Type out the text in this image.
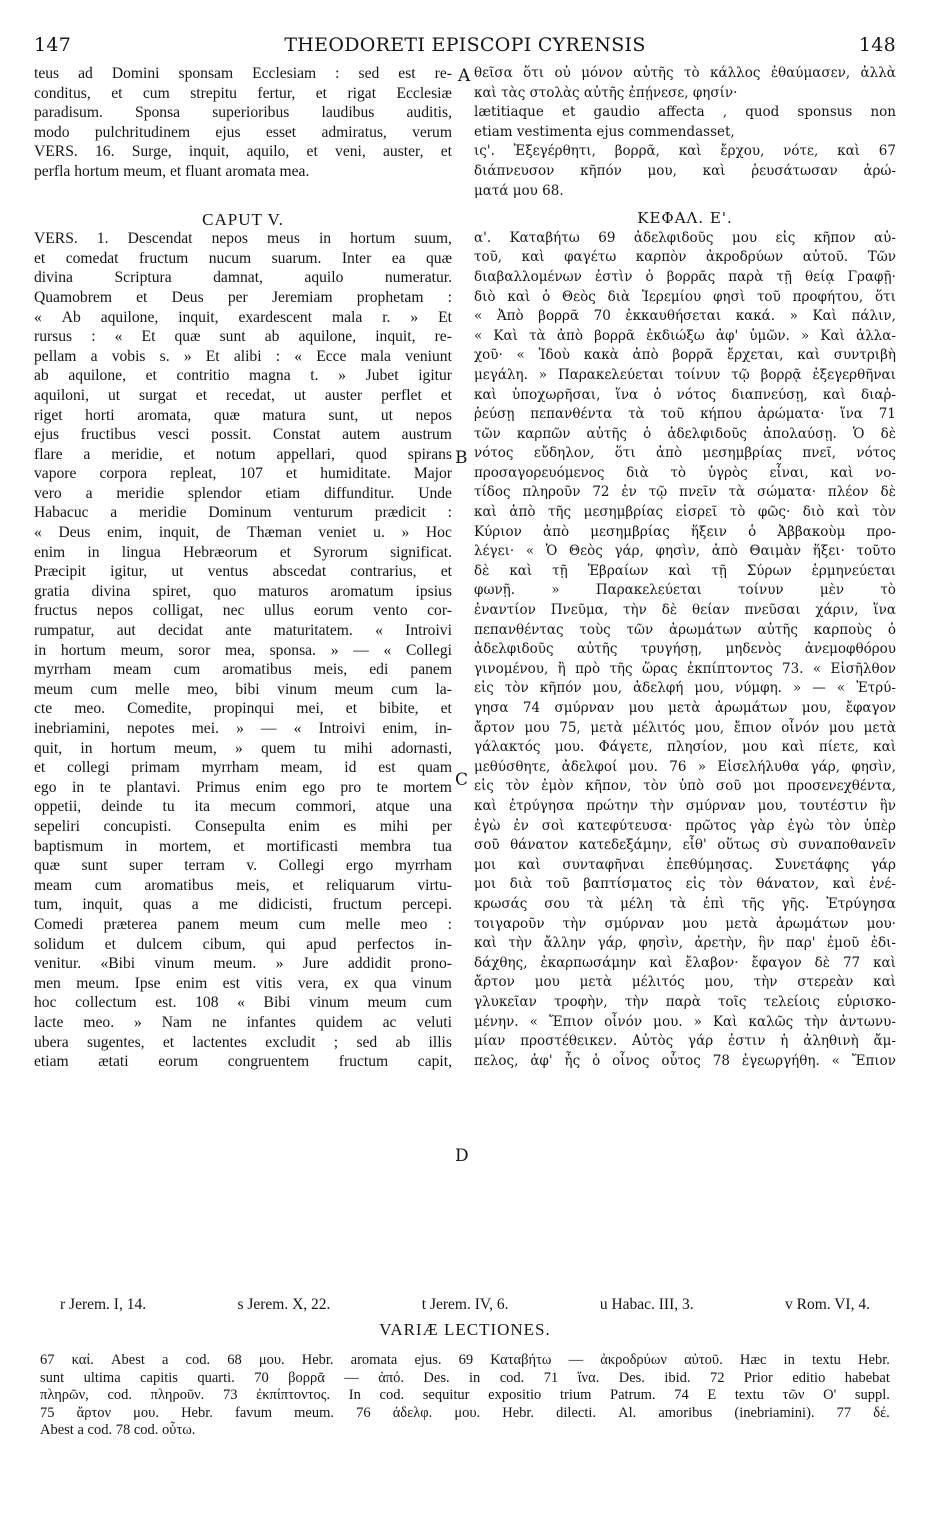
147	THEODORETI EPISCOPI CYRENSIS	148
teus ad Domini sponsam Ecclesiam : sed est re-
conditus, et cum strepitu fertur, et rigat Ecclesiæ
paradisum. Sponsa superioribus laudibus auditis,
modo pulchritudinem ejus esset admiratus, verum
VERS. 16. Surge, inquit, aquilo, et veni, auster, et
perfla hortum meum, et fluant aromata mea.
CAPUT V.
VERS. 1. Descendat nepos meus in hortum suum,
et comedat fructum nucum suarum. Inter ea quæ
divina	Scriptura	damnat,	aquilo	numeratur.
Quamobrem et Deus per Jeremiam prophetam :
« Ab aquilone, inquit, exardescent mala r. » Et
rursus : « Et quæ sunt ab aquilone, inquit, re-
pellam a vobis s. » Et alibi : « Ecce mala veniunt
ab aquilone, et contritio magna t. » Jubet igitur
aquiloni, ut surgat et recedat, ut auster perflet et
riget horti aromata, quæ matura sunt, ut nepos
ejus fructibus vesci possit. Constat autem austrum
flare a meridie, et notum appellari, quod spirans
vapore corpora repleat, 107 et humiditate. Major
vero a meridie splendor etiam diffunditur. Unde
Habacuc a meridie Dominum venturum prædicit :
« Deus enim, inquit, de Thæman veniet u. » Hoc
enim in lingua Hebræorum et Syrorum significat.
Præcipit igitur, ut ventus abscedat contrarius, et
gratia divina spiret, quo maturos aromatum ipsius
fructus nepos colligat, nec ullus eorum vento cor-
rumpatur, aut decidat ante maturitatem. « Introivi
in hortum meum, soror mea, sponsa. » — « Collegi
myrrham meam cum aromatibus meis, edi panem
meum cum melle meo, bibi vinum meum cum la-
cte meo. Comedite, propinqui mei, et bibite, et
inebriamini, nepotes mei. » — « Introivi enim, in-
quit, in hortum meum, » quem tu mihi adornasti,
et collegi primam myrrham meam, id est quam
ego in te plantavi. Primus enim ego pro te mortem
oppetii, deinde tu ita mecum commori, atque una
sepeliri concupisti. Consepulta enim es mihi per
baptismum in mortem, et mortificasti membra tua
quæ sunt super terram v. Collegi ergo myrrham
meam cum aromatibus meis, et reliquarum virtu-
tum, inquit, quas a me didicisti, fructum percepi.
Comedi præterea panem meum cum melle meo :
solidum et dulcem cibum, qui apud perfectos in-
venitur. «Bibi vinum meum. » Jure addidit prono-
men meum. Ipse enim est vitis vera, ex qua vinum
hoc collectum est. 108 « Bibi vinum meum cum
lacte meo. » Nam ne infantes quidem ac veluti
ubera sugentes, et lactentes excludit ; sed ab illis
etiam ætati eorum congruentem fructum capit,
θεῖσα ὅτι οὐ μόνον αὐτῆς τὸ κάλλος ἐθαύμασεν, ἀλλὰ
καὶ τὰς στολὰς αὐτῆς ἐπῄνεσε, φησίν·
lætitiaque et gaudio affecta , quod sponsus non
etiam vestimenta ejus commendasset,
ις'. Ἐξεγέρθητι, βορρᾶ, καὶ ἔρχου, νότε, καὶ 67
διάπνευσον κῆπόν μου, καὶ ῥευσάτωσαν ἀρώ-
ματά μου 68.
ΚΕΦΑΛ. Ε'.
α'. Καταβήτω 69 ἀδελφιδοῦς μου εἰς κῆπον αὐ-
τοῦ, καὶ φαγέτω καρπὸν ἀκροδρύων αὐτοῦ. Τῶν
διαβαλλομένων ἐστὶν ὁ βορρᾶς παρὰ τῇ θείᾳ Γραφῇ·
διὸ καὶ ὁ Θεὸς διὰ Ἱερεμίου φησὶ τοῦ προφήτου, ὅτι
« Ἀπὸ βορρᾶ 70 ἐκκαυθήσεται κακά. » Καὶ πάλιν,
« Καὶ τὰ ἀπὸ βορρᾶ ἐκδιώξω ἀφ' ὑμῶν. » Καὶ ἀλλα-
χοῦ· « Ἰδοὺ κακὰ ἀπὸ βορρᾶ ἔρχεται, καὶ συντριβὴ
μεγάλη. » Παρακελεύεται τοίνυν τῷ βορρᾷ ἐξεγερθῆναι
καὶ ὑποχωρῆσαι, ἵνα ὁ νότος διαπνεύσῃ, καὶ διαῤ-
ῥεύσῃ πεπανθέντα τὰ τοῦ κήπου ἀρώματα· ἵνα 71
τῶν καρπῶν αὐτῆς ὁ ἀδελφιδοῦς ἀπολαύσῃ. Ὁ δὲ
νότος εὔδηλον, ὅτι ἀπὸ μεσημβρίας πνεῖ, νότος
προσαγορευόμενος διὰ τὸ ὑγρὸς εἶναι, καὶ νο-
τίδος πληροῦν 72 ἐν τῷ πνεῖν τὰ σώματα· πλέον δὲ
καὶ ἀπὸ τῆς μεσημβρίας εἰσρεῖ τὸ φῶς· διὸ καὶ τὸν
Κύριον ἀπὸ μεσημβρίας ἥξειν ὁ Ἀββακοὺμ προ-
λέγει· « Ὁ Θεὸς γάρ, φησὶν, ἀπὸ Θαιμὰν ἥξει· τοῦτο
δὲ καὶ τῇ Ἑβραίων καὶ τῇ Σύρων ἑρμηνεύεται
φωνῇ.	»	Παρακελεύεται	τοίνυν	μὲν	τὸ
ἐναντίον Πνεῦμα, τὴν δὲ θείαν πνεῦσαι χάριν, ἵνα
πεπανθέντας τοὺς τῶν ἀρωμάτων αὐτῆς καρποὺς ὁ
ἀδελφιδοῦς αὐτῆς τρυγήσῃ, μηδενὸς ἀνεμοφθόρου
γινομένου, ἢ πρὸ τῆς ὥρας ἐκπίπτοντος 73. « Εἰσῆλθον
εἰς τὸν κῆπόν μου, ἀδελφή μου, νύμφη. » — « Ἐτρύ-
γησα 74 σμύρναν μου μετὰ ἀρωμάτων μου, ἔφαγον
ἄρτον μου 75, μετὰ μέλιτός μου, ἔπιον οἶνόν μου μετὰ
γάλακτός μου. Φάγετε, πλησίον, μου καὶ πίετε, καὶ
μεθύσθητε, ἀδελφοί μου. 76 » Εἰσελήλυθα γάρ, φησὶν,
εἰς τὸν ἐμὸν κῆπον, τὸν ὑπὸ σοῦ μοι προσενεχθέντα,
καὶ ἐτρύγησα πρώτην τὴν σμύρναν μου, τουτέστιν ἣν
ἐγὼ ἐν σοὶ κατεφύτευσα· πρῶτος γὰρ ἐγὼ τὸν ὑπὲρ
σοῦ θάνατον κατεδεξάμην, εἶθ' οὕτως σὺ συναποθανεῖν
μοι καὶ συνταφῆναι ἐπεθύμησας. Συνετάφης γάρ
μοι διὰ τοῦ βαπτίσματος εἰς τὸν θάνατον, καὶ ἐνέ-
κρωσάς σου τὰ μέλη τὰ ἐπὶ τῆς γῆς. Ἐτρύγησα
τοιγαροῦν τὴν σμύρναν μου μετὰ ἀρωμάτων μου·
καὶ τὴν ἄλλην γάρ, φησὶν, ἀρετὴν, ἣν παρ' ἐμοῦ ἐδι-
δάχθης, ἐκαρπωσάμην καὶ ἔλαβον· ἔφαγον δὲ 77 καὶ
ἄρτον μου μετὰ μέλιτός μου, τὴν στερεὰν καὶ
γλυκεῖαν τροφὴν, τὴν παρὰ τοῖς τελείοις εὑρισκο-
μένην. « Ἔπιον οἶνόν μου. » Καὶ καλῶς τὴν ἀντωνυ-
μίαν προστέθεικεν. Αὐτὸς γάρ ἐστιν ἡ ἀληθινὴ ἄμ-
πελος, ἀφ' ἧς ὁ οἶνος οὗτος 78 ἐγεωργήθη. « Ἔπιον
A
B
C
D
r Jerem. I, 14.	s Jerem. X, 22.	t Jerem. IV, 6.	u Habac. III, 3.	v Rom. VI, 4.
VARIÆ LECTIONES.
67 καί. Abest a cod. 68 μου. Hebr. aromata ejus. 69 Καταβήτω — ἀκροδρύων αὐτοῦ. Hæc in textu Hebr.
sunt ultima capitis quarti. 70 βορρᾶ — ἀπό. Des. in cod. 71 ἵνα. Des. ibid. 72 Prior editio habebat
πληρῶν, cod. πληροῦν. 73 ἐκπίπτοντος. In cod. sequitur expositio trium Patrum. 74 E textu τῶν Ο' suppl.
75 ἄρτον μου. Hebr. favum meum. 76 ἀδελφ. μου. Hebr. dilecti. Al. amoribus (inebriamini). 77 δέ.
Abest a cod. 78 cod. οὗτω.
